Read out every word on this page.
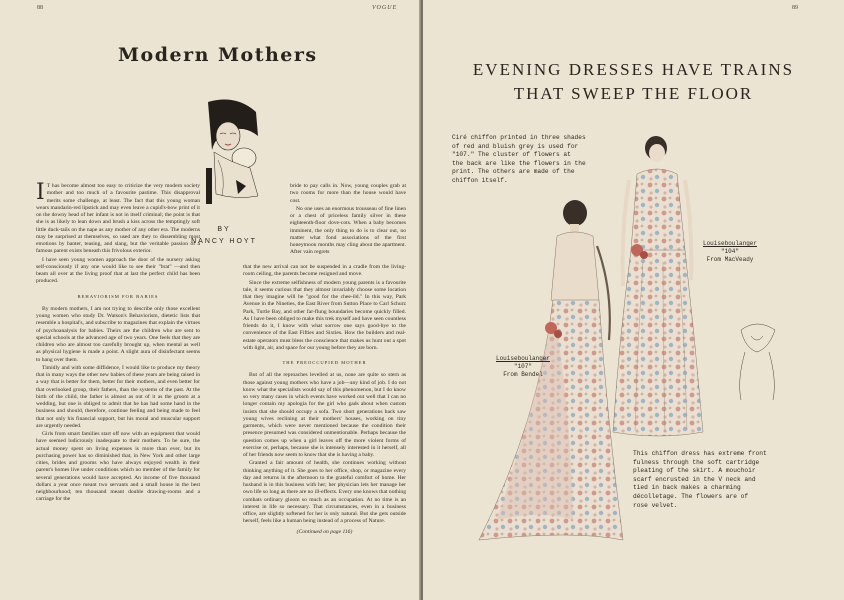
88	VOGUE
Modern Mothers
BY
NANCY HOYT

I T has become almost too easy to criticize the very modern society mother and too much of a favourite pastime. This disapproval merits some challenge, at least. The fact that this young woman wears mandarin-red lipstick and may even leave a cupid's-bow print of it on the downy head of her infant is not in itself criminal; the point is that she is as likely to lean down and brush a kiss across the temptingly soft little duck-tails on the nape as any mother of any other era. The moderns may be surprised at themselves, so used are they to dissembling most emotions by banter, teasing, and slang, but the veritable passion of a famous parent exists beneath this frivolous exterior.

I have seen young women approach the door of the nursery asking self-consciously if any one would like to see their "brat" —and then beam all over at the living proof that at last the perfect child has been produced.

BEHAVIORISM FOR BABIES

By modern mothers, I am not trying to describe only those excellent young women who study Dr. Watson's Behaviorism, dietetic lists that resemble a hospital's, and subscribe to magazines that explain the virtues of psychoanalysis for babies. Theirs are the children who are sent to special schools at the advanced age of two years. One feels that they are children who are almost too carefully brought up, when mental as well as physical hygiene is made a point. A slight aura of disinfectant seems to hang over them.

Timidly and with some diffidence, I would like to produce my theory that in many ways the other new babies of these years are being raised in a way that is better for them, better for their mothers, and even better for that overlooked group, their fathers, than the systems of the past. At the birth of the child, the father is almost as out of it as the groom at a wedding, but one is obliged to admit that he has had some hand in the business and should, therefore, continue feeling and being made to feel that not only his financial support, but his moral and muscular support are urgently needed.

Girls from smart families start off now with an equipment that would have seemed ludicrously inadequate to their mothers. To be sure, the actual money spent on living expenses is more than ever, but its purchasing power has so diminished that, in New York and other large cities, brides and grooms who have always enjoyed wealth in their parent's homes live under conditions which no member of the family for several generations would have accepted. An income of five thousand dollars a year once meant two servants and a small house in the best neighbourhood; ten thousand meant double drawing-rooms and a carriage for the

bride to pay calls in. Now, young couples grab at two rooms for more than the house would have cost.

No one uses an enormous trousseau of fine linen or a chest of priceless family silver in these eighteenth-floor dove-cots. When a baby becomes imminent, the only thing to do is to clear out, no matter what fond associations of the first honeymoon months may cling about the apartment. After vain regrets

that the new arrival can not be suspended in a cradle from the living-room ceiling, the parents become resigned and move.

Since the extreme selfishness of modern young parents is a favourite tale, it seems curious that they almost invariably choose some location that they imagine will be "good for the chee-ild." In this way, Park Avenue in the Nineties, the East River from Sutton Place to Carl Schurz Park, Turtle Bay, and other far-flung boundaries become quickly filled. As I have been obliged to make this trek myself and have seen countless friends do it, I know with what sorrow one says good-bye to the convenience of the East Fifties and Sixties. How the builders and real-estate operators must bless the conscience that makes us hunt out a spot with light, air, and space for our young before they are born.

THE PREOCCUPIED MOTHER

But of all the reproaches levelled at us, none are quite so stern as those against young mothers who have a job—any kind of job. I do not know what the specialists would say of this phenomenon, but I do know so very many cases in which events have worked out well that I can no longer contain my apologia for the girl who gads about when custom insists that she should occupy a sofa. Two short generations back saw young wives reclining at their mothers' houses, working on tiny garments, which were never mentioned because the condition their presence presumed was considered unmentionable. Perhaps because the question comes up when a girl leaves off the more violent forms of exercise or, perhaps, because she is intensely interested in it herself, all of her friends now seem to know that she is having a baby.

Granted a fair amount of health, she continues working without thinking anything of it. She goes to her office, shop, or magazine every day and returns in the afternoon to the grateful comfort of home. Her husband is in this business with her; her physician lets her manage her own life so long as there are no ill-effects. Every one knows that nothing combats ordinary gloom so much as an occupation. At no time is an interest in life so necessary. That circumstances, even in a business office, are slightly softened for her is only natural. But she gets outside herself, feels like a human being instead of a process of Nature.

(Continued on page 116)
89
EVENING DRESSES HAVE TRAINS
THAT SWEEP THE FLOOR
Ciré chiffon printed in three shades
of red and bluish grey is used for
"107." The cluster of flowers at
the back are like the flowers in the
print. The others are made of the
chiffon itself.
Louiseboulanger
"107"
From Bendel
Louiseboulanger
"104"
From MacVeady
This chiffon dress has extreme front
fulness through the soft cartridge
pleating of the skirt. A mouchoir
scarf encrusted in the V neck and
tied in back makes a charming
décolletage. The flowers are of
rose velvet.
